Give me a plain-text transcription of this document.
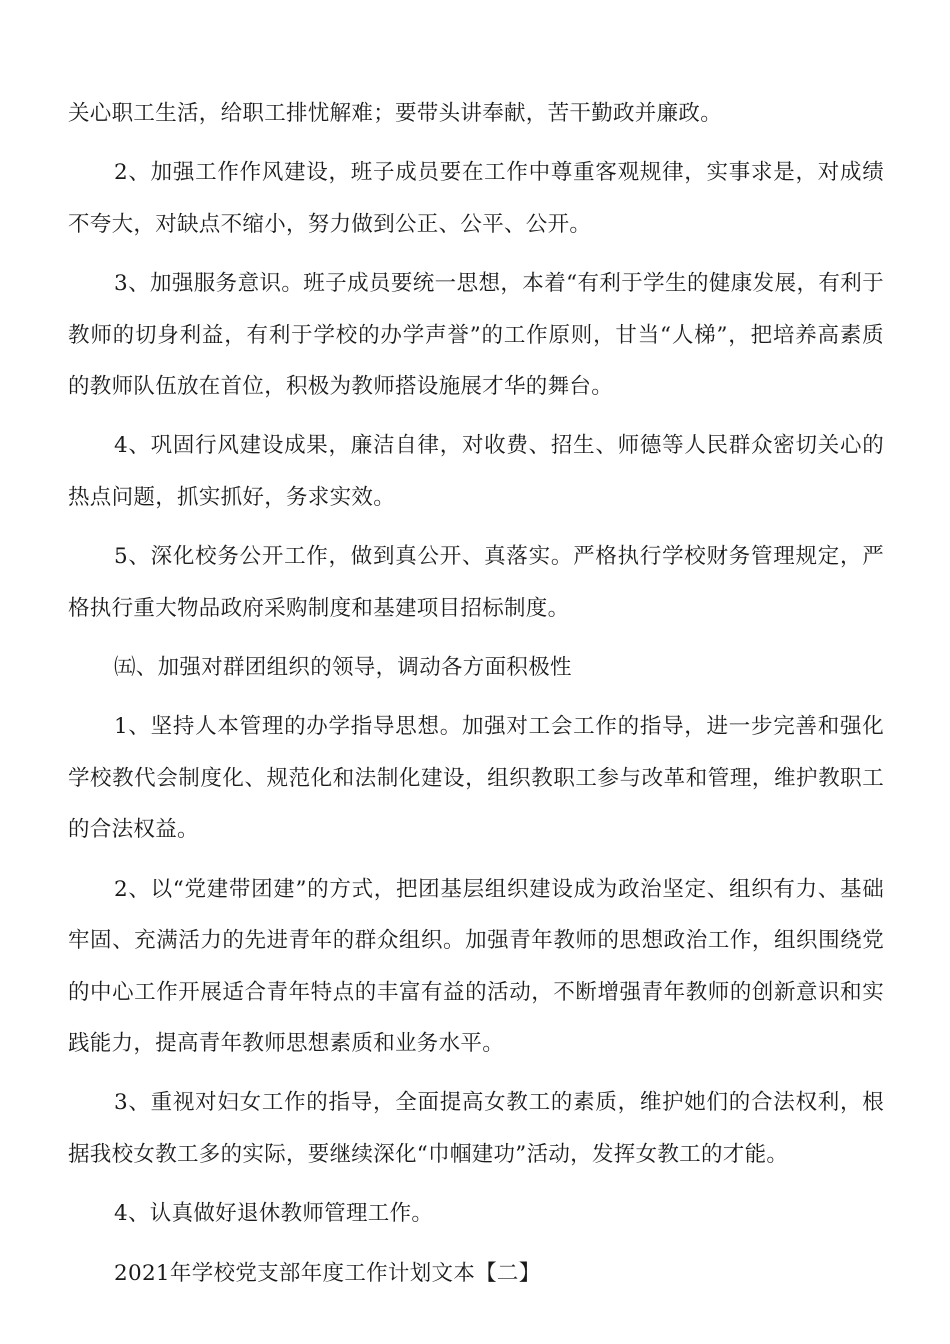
关心职工生活，给职工排忧解难；要带头讲奉献，苦干勤政并廉政。

2、加强工作作风建设，班子成员要在工作中尊重客观规律，实事求是，对成绩不夸大，对缺点不缩小，努力做到公正、公平、公开。

3、加强服务意识。班子成员要统一思想，本着“有利于学生的健康发展，有利于教师的切身利益，有利于学校的办学声誉”的工作原则，甘当“人梯”，把培养高素质的教师队伍放在首位，积极为教师搭设施展才华的舞台。

4、巩固行风建设成果，廉洁自律，对收费、招生、师德等人民群众密切关心的热点问题，抓实抓好，务求实效。

5、深化校务公开工作，做到真公开、真落实。严格执行学校财务管理规定，严格执行重大物品政府采购制度和基建项目招标制度。

㈤、加强对群团组织的领导，调动各方面积极性

1、坚持人本管理的办学指导思想。加强对工会工作的指导，进一步完善和强化学校教代会制度化、规范化和法制化建设，组织教职工参与改革和管理，维护教职工的合法权益。

2、以“党建带团建”的方式，把团基层组织建设成为政治坚定、组织有力、基础牢固、充满活力的先进青年的群众组织。加强青年教师的思想政治工作，组织围绕党的中心工作开展适合青年特点的丰富有益的活动，不断增强青年教师的创新意识和实践能力，提高青年教师思想素质和业务水平。

3、重视对妇女工作的指导，全面提高女教工的素质，维护她们的合法权利，根据我校女教工多的实际，要继续深化“巾帼建功”活动，发挥女教工的才能。

4、认真做好退休教师管理工作。

2021年学校党支部年度工作计划文本【二】
